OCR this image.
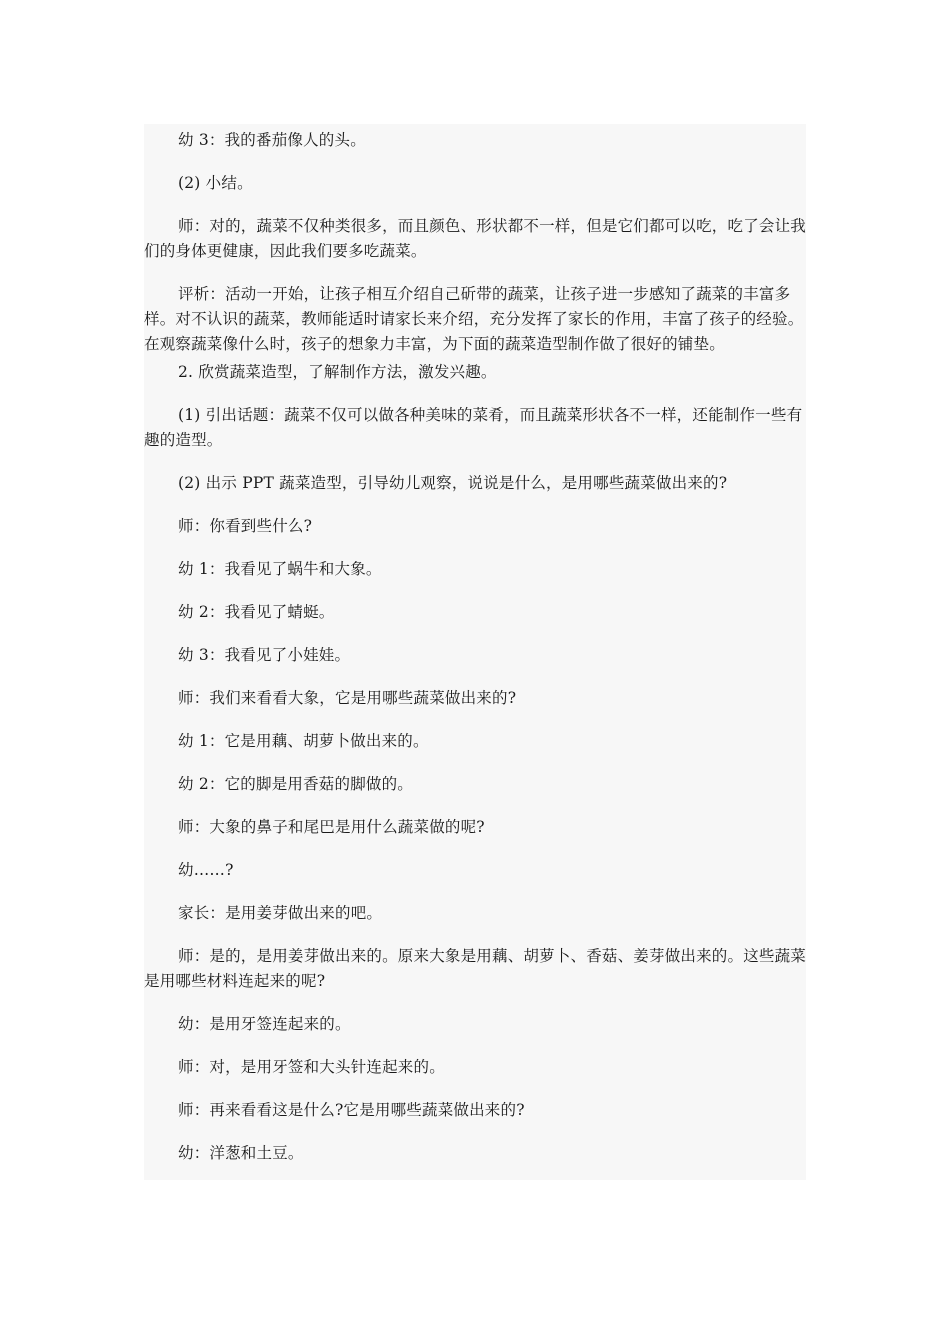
幼 3：我的番茄像人的头。

(2) 小结。

师：对的，蔬菜不仅种类很多，而且颜色、形状都不一样，但是它们都可以吃，吃了会让我们的身体更健康，因此我们要多吃蔬菜。

评析：活动一开始，让孩子相互介绍自己斫带的蔬菜，让孩子进一步感知了蔬菜的丰富多样。对不认识的蔬菜，教师能适时请家长来介绍，充分发挥了家长的作用，丰富了孩子的经验。在观察蔬菜像什么时，孩子的想象力丰富，为下面的蔬菜造型制作做了很好的铺垫。

2. 欣赏蔬菜造型，了解制作方法，激发兴趣。

(1) 引出话题：蔬菜不仅可以做各种美味的菜肴，而且蔬菜形状各不一样，还能制作一些有趣的造型。

(2) 出示 PPT 蔬菜造型，引导幼儿观察，说说是什么，是用哪些蔬菜做出来的?

师：你看到些什么?

幼 1：我看见了蜗牛和大象。

幼 2：我看见了蜻蜓。

幼 3：我看见了小娃娃。

师：我们来看看大象，它是用哪些蔬菜做出来的?

幼 1：它是用藕、胡萝卜做出来的。

幼 2：它的脚是用香菇的脚做的。

师：大象的鼻子和尾巴是用什么蔬菜做的呢?

幼……?

家长：是用姜芽做出来的吧。

师：是的，是用姜芽做出来的。原来大象是用藕、胡萝卜、香菇、姜芽做出来的。这些蔬菜是用哪些材料连起来的呢?

幼：是用牙签连起来的。

师：对，是用牙签和大头针连起来的。

师：再来看看这是什么?它是用哪些蔬菜做出来的?

幼：洋葱和土豆。
